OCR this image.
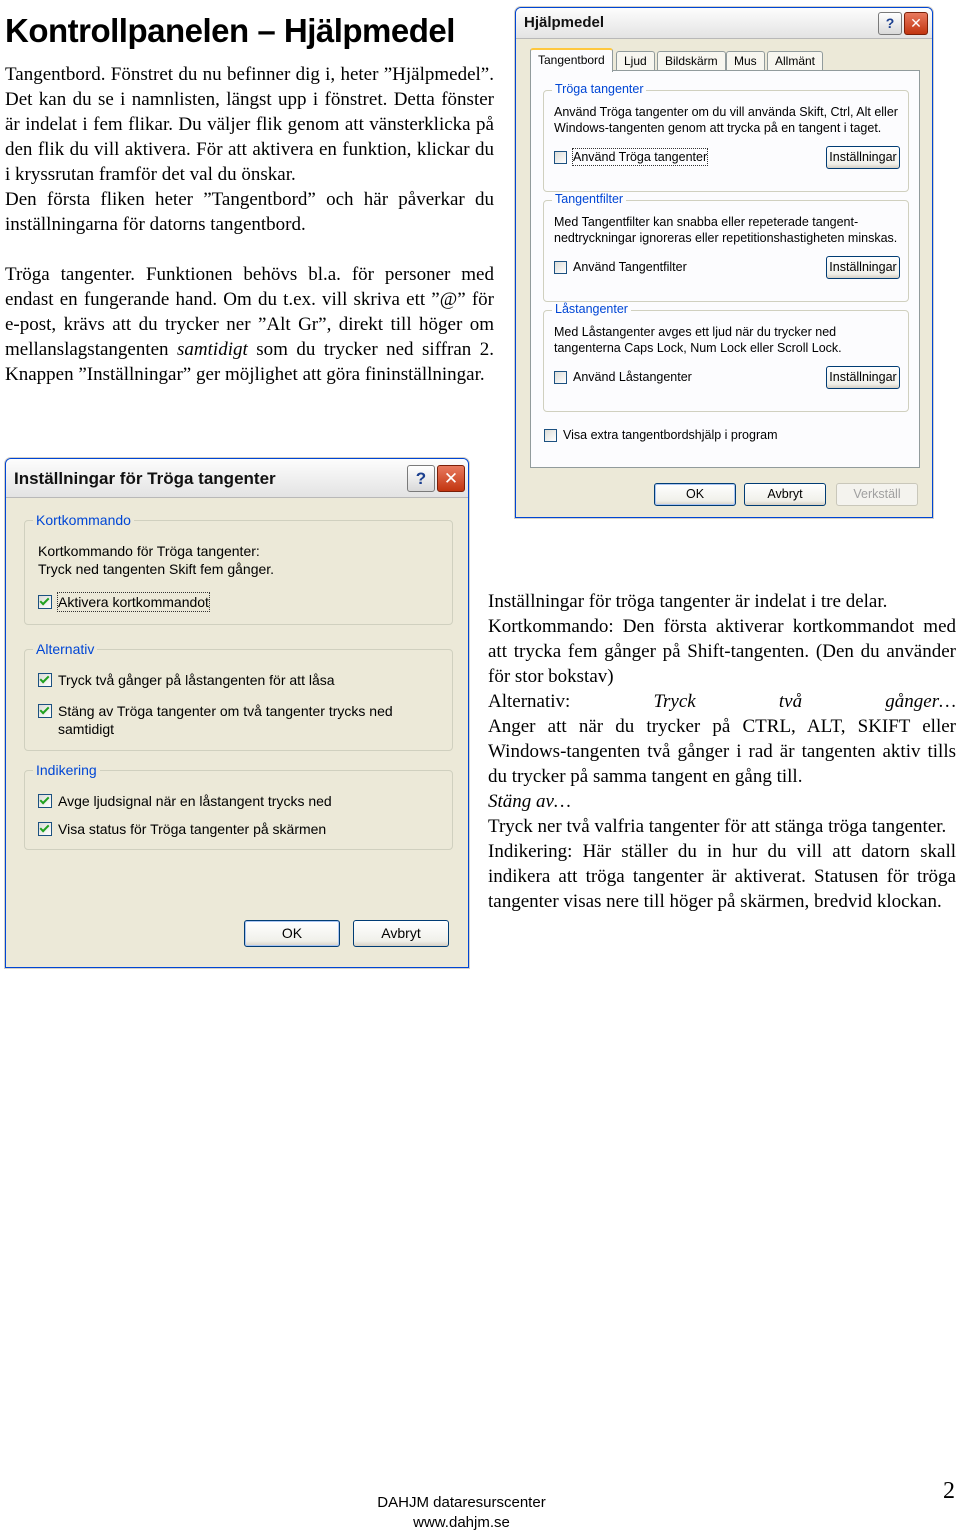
Kontrollpanelen – Hjälpmedel

Tangentbord. Fönstret du nu befinner dig i, heter ”Hjälpmedel”. Det kan du se i namnlisten, längst upp i fönstret. Detta fönster är indelat i fem flikar. Du väljer flik genom att vänsterklicka på den flik du vill aktivera. För att aktivera en funktion, klickar du i kryssrutan framför det val du önskar.

Den första fliken heter ”Tangentbord” och här påverkar du inställningarna för datorns tangentbord.

Tröga tangenter. Funktionen behövs bl.a. för personer med endast en fungerande hand. Om du t.ex. vill skriva ett ”@” för e-post, krävs att du trycker ner ”Alt Gr”, direkt till höger om mellanslagstangenten samtidigt som du trycker ned siffran 2. Knappen ”Inställningar” ger möjlighet att göra fininställningar.

Hjälpmedel	?	✕
Tangentbord	Ljud	Bildskärm	Mus	Allmänt
Tröga tangenter
Använd Tröga tangenter om du vill använda Skift, Ctrl, Alt eller Windows-tangenten genom att trycka på en tangent i taget.
Använd Tröga tangenter	Inställningar
Tangentfilter
Med Tangentfilter kan snabba eller repeterade tangent-nedtryckningar ignoreras eller repetitionshastigheten minskas.
Använd Tangentfilter	Inställningar
Låstangenter
Med Låstangenter avges ett ljud när du trycker ned tangenterna Caps Lock, Num Lock eller Scroll Lock.
Använd Låstangenter	Inställningar
Visa extra tangentbordshjälp i program
OK	Avbryt	Verkställ
Inställningar för Tröga tangenter	?	✕
Kortkommando
Kortkommando för Tröga tangenter:
Tryck ned tangenten Skift fem gånger.
Aktivera kortkommandot
Alternativ
Tryck två gånger på låstangenten för att låsa
Stäng av Tröga tangenter om två tangenter trycks ned samtidigt
Indikering
Avge ljudsignal när en låstangent trycks ned
Visa status för Tröga tangenter på skärmen
OK	Avbryt

Inställningar för tröga tangenter är indelat i tre delar.

Kortkommando: Den första aktiverar kortkommandot med att trycka fem gånger på Shift-tangenten. (Den du använder för stor bokstav)

Alternativ:	Tryck två gånger…

Anger att när du trycker på CTRL, ALT, SKIFT eller Windows-tangenten två gånger i rad är tangenten aktiv tills du trycker på samma tangent en gång till.

Stäng av…

Tryck ner två valfria tangenter för att stänga tröga tangenter.

Indikering: Här ställer du in hur du vill att datorn skall indikera att tröga tangenter är aktiverat. Statusen för tröga tangenter visas nere till höger på skärmen, bredvid klockan.

DAHJM dataresurscenter
www.dahjm.se
2
